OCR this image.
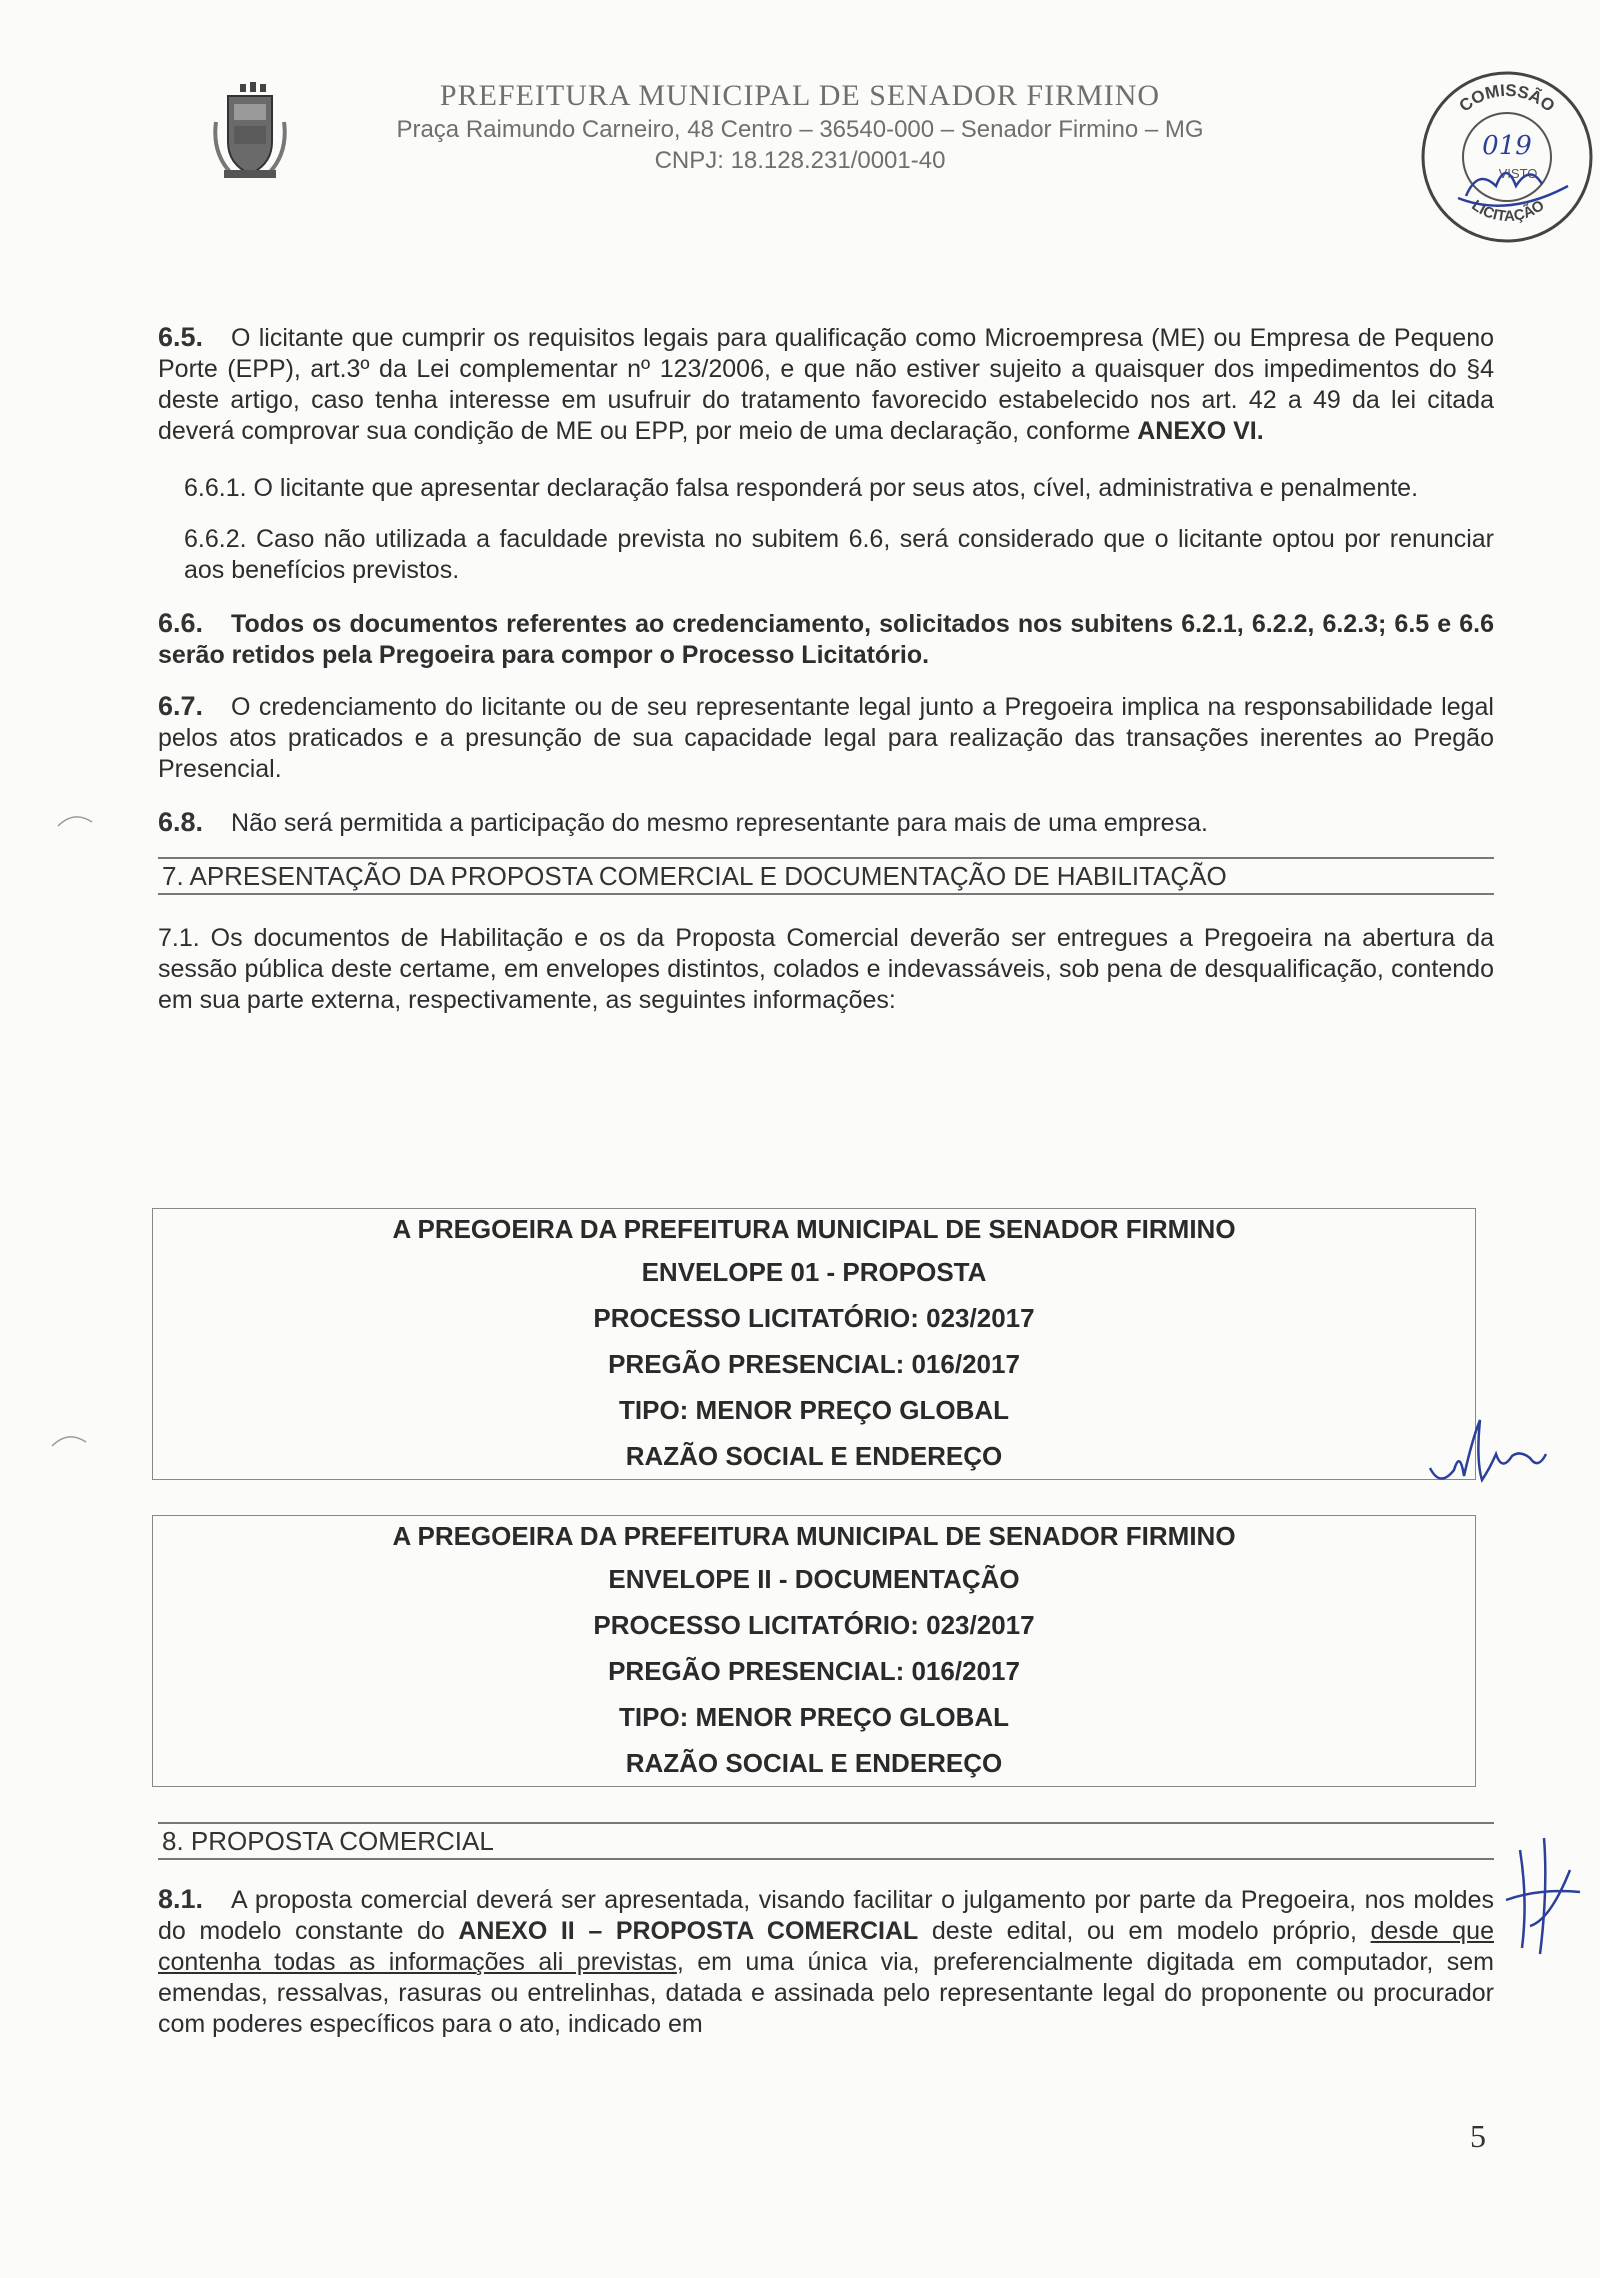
PREFEITURA MUNICIPAL DE SENADOR FIRMINO
Praça Raimundo Carneiro, 48 Centro – 36540-000 – Senador Firmino – MG
CNPJ: 18.128.231/0001-40
COMISSÃO
LICITAÇÃO
019
VISTO

6.5. O licitante que cumprir os requisitos legais para qualificação como Microempresa (ME) ou Empresa de Pequeno Porte (EPP), art.3º da Lei complementar nº 123/2006, e que não estiver sujeito a quaisquer dos impedimentos do §4 deste artigo, caso tenha interesse em usufruir do tratamento favorecido estabelecido nos art. 42 a 49 da lei citada deverá comprovar sua condição de ME ou EPP, por meio de uma declaração, conforme ANEXO VI.

6.6.1. O licitante que apresentar declaração falsa responderá por seus atos, cível, administrativa e penalmente.

6.6.2. Caso não utilizada a faculdade prevista no subitem 6.6, será considerado que o licitante optou por renunciar aos benefícios previstos.

6.6. Todos os documentos referentes ao credenciamento, solicitados nos subitens 6.2.1, 6.2.2, 6.2.3; 6.5 e 6.6 serão retidos pela Pregoeira para compor o Processo Licitatório.

6.7. O credenciamento do licitante ou de seu representante legal junto a Pregoeira implica na responsabilidade legal pelos atos praticados e a presunção de sua capacidade legal para realização das transações inerentes ao Pregão Presencial.

6.8. Não será permitida a participação do mesmo representante para mais de uma empresa.

7. APRESENTAÇÃO DA PROPOSTA COMERCIAL E DOCUMENTAÇÃO DE HABILITAÇÃO

7.1. Os documentos de Habilitação e os da Proposta Comercial deverão ser entregues a Pregoeira na abertura da sessão pública deste certame, em envelopes distintos, colados e indevassáveis, sob pena de desqualificação, contendo em sua parte externa, respectivamente, as seguintes informações:

A PREGOEIRA DA PREFEITURA MUNICIPAL DE SENADOR FIRMINO
ENVELOPE 01 - PROPOSTA
PROCESSO LICITATÓRIO: 023/2017
PREGÃO PRESENCIAL: 016/2017
TIPO: MENOR PREÇO GLOBAL
RAZÃO SOCIAL E ENDEREÇO
A PREGOEIRA DA PREFEITURA MUNICIPAL DE SENADOR FIRMINO
ENVELOPE II - DOCUMENTAÇÃO
PROCESSO LICITATÓRIO: 023/2017
PREGÃO PRESENCIAL: 016/2017
TIPO: MENOR PREÇO GLOBAL
RAZÃO SOCIAL E ENDEREÇO
8. PROPOSTA COMERCIAL

8.1. A proposta comercial deverá ser apresentada, visando facilitar o julgamento por parte da Pregoeira, nos moldes do modelo constante do ANEXO II – PROPOSTA COMERCIAL deste edital, ou em modelo próprio, desde que contenha todas as informações ali previstas, em uma única via, preferencialmente digitada em computador, sem emendas, ressalvas, rasuras ou entrelinhas, datada e assinada pelo representante legal do proponente ou procurador com poderes específicos para o ato, indicado em

5
